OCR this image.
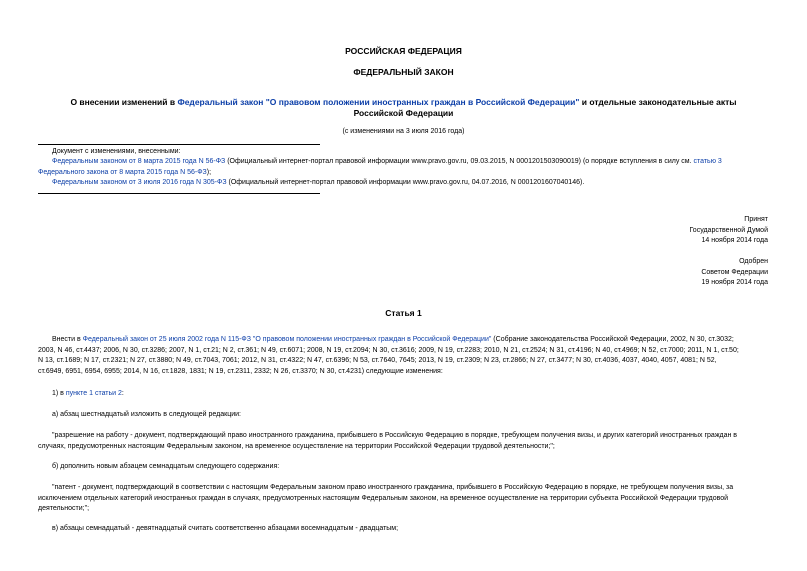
РОССИЙСКАЯ ФЕДЕРАЦИЯ
ФЕДЕРАЛЬНЫЙ ЗАКОН
О внесении изменений в Федеральный закон "О правовом положении иностранных граждан в Российской Федерации" и отдельные законодательные акты
Российской Федерации
(с изменениями на 3 июля 2016 года)
Документ с изменениями, внесенными:
Федеральным законом от 8 марта 2015 года N 56-ФЗ (Официальный интернет-портал правовой информации www.pravo.gov.ru, 09.03.2015, N 0001201503090019) (о порядке вступления в силу см. статью 3
Федерального закона от 8 марта 2015 года N 56-ФЗ);
Федеральным законом от 3 июля 2016 года N 305-ФЗ (Официальный интернет-портал правовой информации www.pravo.gov.ru, 04.07.2016, N 0001201607040146).
Принят
Государственной Думой
14 ноября 2014 года
Одобрен
Советом Федерации
19 ноября 2014 года
Статья 1
Внести в Федеральный закон от 25 июля 2002 года N 115-ФЗ "О правовом положении иностранных граждан в Российской Федерации" (Собрание законодательства Российской Федерации, 2002, N 30, ст.3032;
2003, N 46, ст.4437; 2006, N 30, ст.3286; 2007, N 1, ст.21; N 2, ст.361; N 49, ст.6071; 2008, N 19, ст.2094; N 30, ст.3616; 2009, N 19, ст.2283; 2010, N 21, ст.2524; N 31, ст.4196; N 40, ст.4969; N 52, ст.7000; 2011, N 1, ст.50;
N 13, ст.1689; N 17, ст.2321; N 27, ст.3880; N 49, ст.7043, 7061; 2012, N 31, ст.4322; N 47, ст.6396; N 53, ст.7640, 7645; 2013, N 19, ст.2309; N 23, ст.2866; N 27, ст.3477; N 30, ст.4036, 4037, 4040, 4057, 4081; N 52,
ст.6949, 6951, 6954, 6955; 2014, N 16, ст.1828, 1831; N 19, ст.2311, 2332; N 26, ст.3370; N 30, ст.4231) следующие изменения:
1) в пункте 1 статьи 2:
а) абзац шестнадцатый изложить в следующей редакции:
"разрешение на работу - документ, подтверждающий право иностранного гражданина, прибывшего в Российскую Федерацию в порядке, требующем получения визы, и других категорий иностранных граждан в
случаях, предусмотренных настоящим Федеральным законом, на временное осуществление на территории Российской Федерации трудовой деятельности;";
б) дополнить новым абзацем семнадцатым следующего содержания:
"патент - документ, подтверждающий в соответствии с настоящим Федеральным законом право иностранного гражданина, прибывшего в Российскую Федерацию в порядке, не требующем получения визы, за
исключением отдельных категорий иностранных граждан в случаях, предусмотренных настоящим Федеральным законом, на временное осуществление на территории субъекта Российской Федерации трудовой
деятельности;";
в) абзацы семнадцатый - девятнадцатый считать соответственно абзацами восемнадцатым - двадцатым;
